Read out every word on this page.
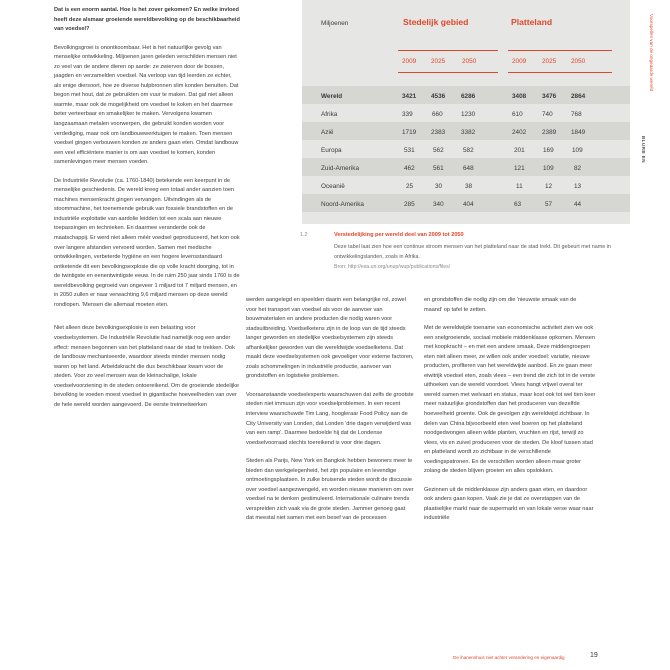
Dat is een enorm aantal. Hoe is het zover gekomen? En welke invloed heeft deze alsmaar groeiende wereldbevolking op de beschikbaarheid van voedsel?

Bevolkingsgroei is onontkoombaar. Het is het natuurlijke gevolg van menselijke ontwikkeling. Miljoenen jaren geleden verschilden mensen niet zo veel van de andere dieren op aarde: ze zwierven door de bossen, jaagden en verzamelden voedsel. Na verloop van tijd leerden ze echter, als enige diersoort, hoe ze diverse hulpbronnen slim konden benutten. Dat begon met hout, dat ze gebruikten om vuur te maken. Dat gaf niet alleen warmte, maar ook de mogelijkheid om voedsel te koken en het daarmee beter verteerbaar en smakelijker te maken. Vervolgens kwamen langzaamaan metalen voorwerpen, die gebruikt konden worden voor verdediging, maar ook om landbouwwerktuigen te maken. Toen mensen voedsel gingen verbouwen konden ze anders gaan eten. Omdat landbouw een veel efficiëntere manier is om aan voedsel te komen, konden samenlevingen meer mensen voeden.

De Industriële Revolutie (ca. 1760-1840) betekende een keerpunt in de menselijke geschiedenis. De wereld kreeg een totaal ander aanzien toen machines mensenkracht gingen vervangen. Uitvindingen als de stoommachine, het toenemende gebruik van fossiele brandstoffen en de industriële exploitatie van aardolie leidden tot een scala aan nieuwe toepassingen en technieken. En daarmee veranderde ook de maatschappij. Er werd niet alleen méér voedsel geproduceerd, het kon ook over langere afstanden vervoerd worden. Samen met medische ontwikkelingen, verbeterde hygiëne en een hogere levensstandaard ontketende dit een bevolkingsexplosie die op volle kracht doorging, tot in de twintigste en eenentwintigste eeuw. In de ruim 250 jaar sinds 1760 is de wereldbevolking gegroeid van ongeveer 1 miljard tot 7 miljard mensen, en in 2050 zullen er naar verwachting 9,6 miljard mensen op deze wereld rondlopen. 'Mensen die allemaal moeten eten.

Niet alleen deze bevolkingsexplosie is een belasting voor voedselsystemen. De Industriële Revolutie had namelijk nog een ander effect: mensen begonnen van het platteland naar de stad te trekken. Ook de landbouw mechaniseerde, waardoor steeds minder mensen nodig waren op het land. Arbeidskracht die dus beschikbaar kwam voor de steden. Voor zo veel mensen was de kleinschalige, lokale voedselvoorziening in de steden ontoereikend. Om de groeiende stedelijke bevolking te voeden moest voedsel in gigantische hoeveelheden van over de hele wereld worden aangevoerd. De eerste treinnetwerken

Miljoenen	Stedelijk gebied	Platteland
2009 2025	2050	2009 2025 2050
Wereld	3421 4536 6286	3408 3476 2864
Afrika	339	660	1230	610	740	768
Azië	1719 2383 3382	2402 2389 1849
Europa	531	562	582	201	169	109
Zuid-Amerika	462	561	648	121	109	82
Oceanië	25	30	38	11	12	13
Noord-Amerika	285	340	404	63	57	44
1.2	Verstedelijking per wereld deel van 2009 tot 2050
Deze tabel laat zien hoe een continue stroom mensen van het platteland naar de stad trekt. Dit gebeurt met name in ontwikkelingslanden, zoals in Afrika.
Bron: http://esa.un.org/unup/wup/publications/files/

werden aangelegd en speelden daarin een belangrijke rol, zowel voor het transport van voedsel als voor de aanvoer van bouwmaterialen en andere producten die nodig waren voor stadsuitbreiding. Voedselketens zijn in de loop van de tijd steeds langer geworden en stedelijke voedselsystemen zijn steeds afhankelijker geworden van die wereldwijde voedselketens. Dat maakt deze voedselsystemen ook gevoeliger voor externe factoren, zoals schommelingen in industriële productie, aanvoer van grondstoffen en logistieke problemen.

Vooraanstaande voedselexperts waarschuwen dat zelfs de grootste steden niet immuun zijn voor voedselproblemen. In een recent interview waarschuwde Tim Lang, hoogleraar Food Policy aan de City University van Londen, dat Londen 'drie dagen verwijderd was van een ramp'. Daarmee bedoelde hij dat de Londense voedselvoorraad slechts toereikend is voor drie dagen.

Steden als Parijs, New York en Bangkok hebben bewoners meer te bieden dan werkgelegenheid, het zijn populaire en levendige ontmoetingsplaatsen. In zulke bruisende steden wordt de discussie over voedsel aangezwengeld, en worden nieuwe manieren om over voedsel na te denken gestimuleerd. Internationale culinaire trends verspreiden zich vaak via de grote steden. Jammer genoeg gaat dat meestal niet samen met een besef van de processen

en grondstoffen die nodig zijn om die 'nieuwste smaak van de maand' op tafel te zetten.

Met de wereldwijde toename van economische activiteit zien we ook een snelgroeiende, sociaal mobiele middenklasse opkomen. Mensen met koopkracht – en met een andere smaak. Deze middengroepen eten niet alleen meer, ze willen ook ander voedsel: variatie, nieuwe producten, proflteren van het wereldwijde aanbod. En ze gaan meer eiwitrijk voedsel eten, zoals vlees – een trend die zich tot in de verste uithoeken van de wereld voordoet. Vlees hangt vrijwel overal ter wereld samen met welvaart en status, maar kost ook tot wel tien keer meer natuurlijke grondstoffen dan het produceren van dezelfde hoeveelheid groente. Ook de gevolgen zijn wereldwijd zichtbaar. In delen van China bijvoorbeeld eten veel boeren op het platteland noodgedwongen alleen wilde planten, vruchten en rijst, terwijl zo vlees, vis en zuivel produceren voor de steden. De kloof tussen stad en platteland wordt zo zichtbaar in de verschillende voedingspatronen. En de verschillen worden alleen maar groter zolang de steden blijven groeien en alles opslokken.

Gezinnen uit de middenklasse zijn anders gaan eten, en daardoor ook anders gaan kopen. Vaak zie je dat ze overstappen van de plaatselijke markt naar de supermarkt en van lokale verse waar naar industriële

Voorspellen van de ongeaarde wereld
BLURB EN
De ihanenshuis niet achter verandering en eigenaardig	19
